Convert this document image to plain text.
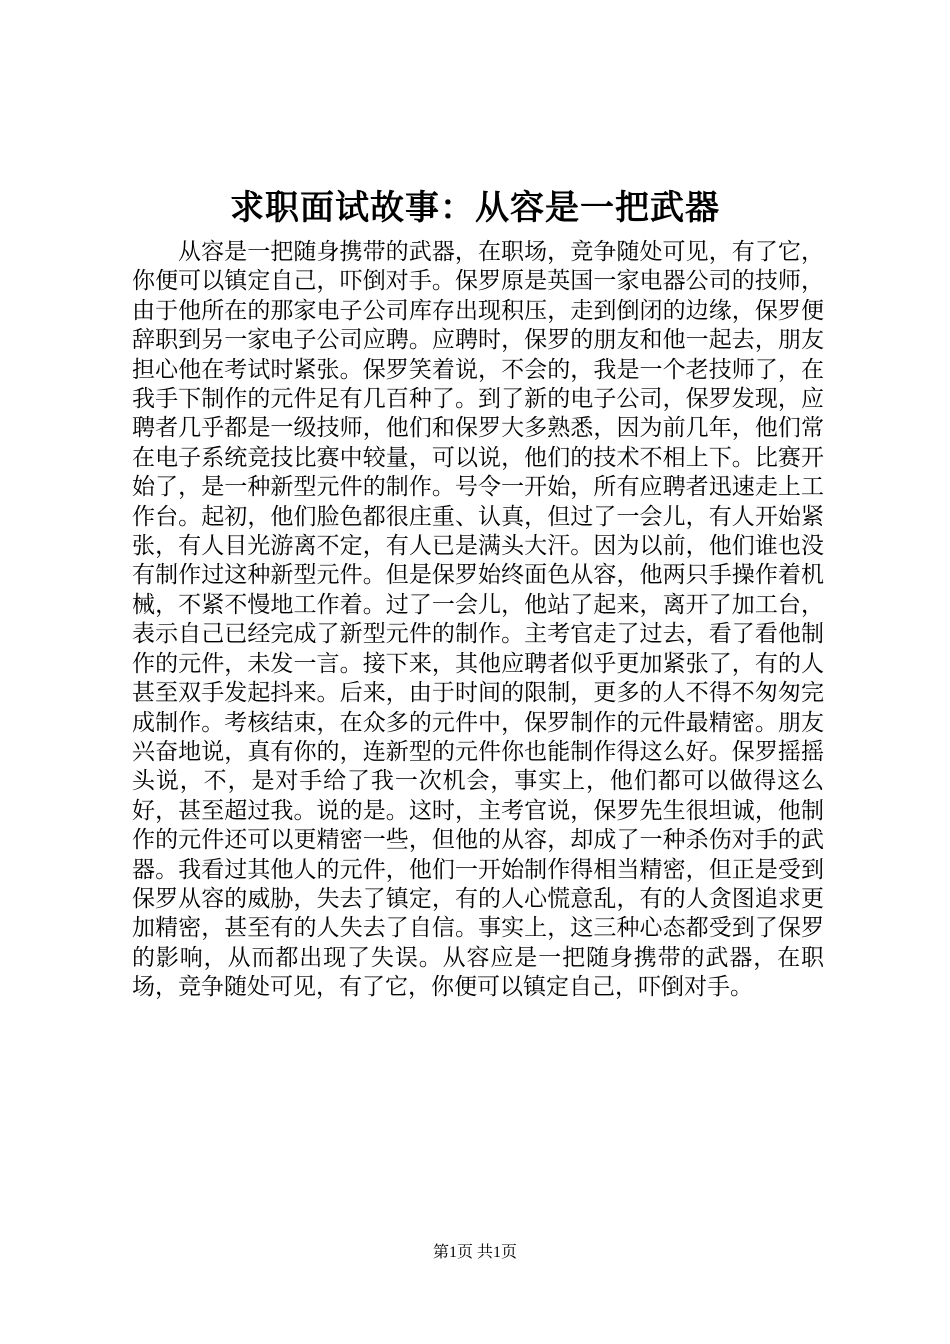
求职面试故事：从容是一把武器

从容是一把随身携带的武器，在职场，竞争随处可见，有了它，你便可以镇定自己，吓倒对手。保罗原是英国一家电器公司的技师，由于他所在的那家电子公司库存出现积压，走到倒闭的边缘，保罗便辞职到另一家电子公司应聘。应聘时，保罗的朋友和他一起去，朋友担心他在考试时紧张。保罗笑着说，不会的，我是一个老技师了，在我手下制作的元件足有几百种了。到了新的电子公司，保罗发现，应聘者几乎都是一级技师，他们和保罗大多熟悉，因为前几年，他们常在电子系统竞技比赛中较量，可以说，他们的技术不相上下。比赛开始了，是一种新型元件的制作。号令一开始，所有应聘者迅速走上工作台。起初，他们脸色都很庄重、认真，但过了一会儿，有人开始紧张，有人目光游离不定，有人已是满头大汗。因为以前，他们谁也没有制作过这种新型元件。但是保罗始终面色从容，他两只手操作着机械，不紧不慢地工作着。过了一会儿，他站了起来，离开了加工台，表示自己已经完成了新型元件的制作。主考官走了过去，看了看他制作的元件，未发一言。接下来，其他应聘者似乎更加紧张了，有的人甚至双手发起抖来。后来，由于时间的限制，更多的人不得不匆匆完成制作。考核结束，在众多的元件中，保罗制作的元件最精密。朋友兴奋地说，真有你的，连新型的元件你也能制作得这么好。保罗摇摇头说，不，是对手给了我一次机会，事实上，他们都可以做得这么好，甚至超过我。说的是。这时，主考官说，保罗先生很坦诚，他制作的元件还可以更精密一些，但他的从容，却成了一种杀伤对手的武器。我看过其他人的元件，他们一开始制作得相当精密，但正是受到保罗从容的威胁，失去了镇定，有的人心慌意乱，有的人贪图追求更加精密，甚至有的人失去了自信。事实上，这三种心态都受到了保罗的影响，从而都出现了失误。从容应是一把随身携带的武器，在职场，竞争随处可见，有了它，你便可以镇定自己，吓倒对手。

第1页 共1页
